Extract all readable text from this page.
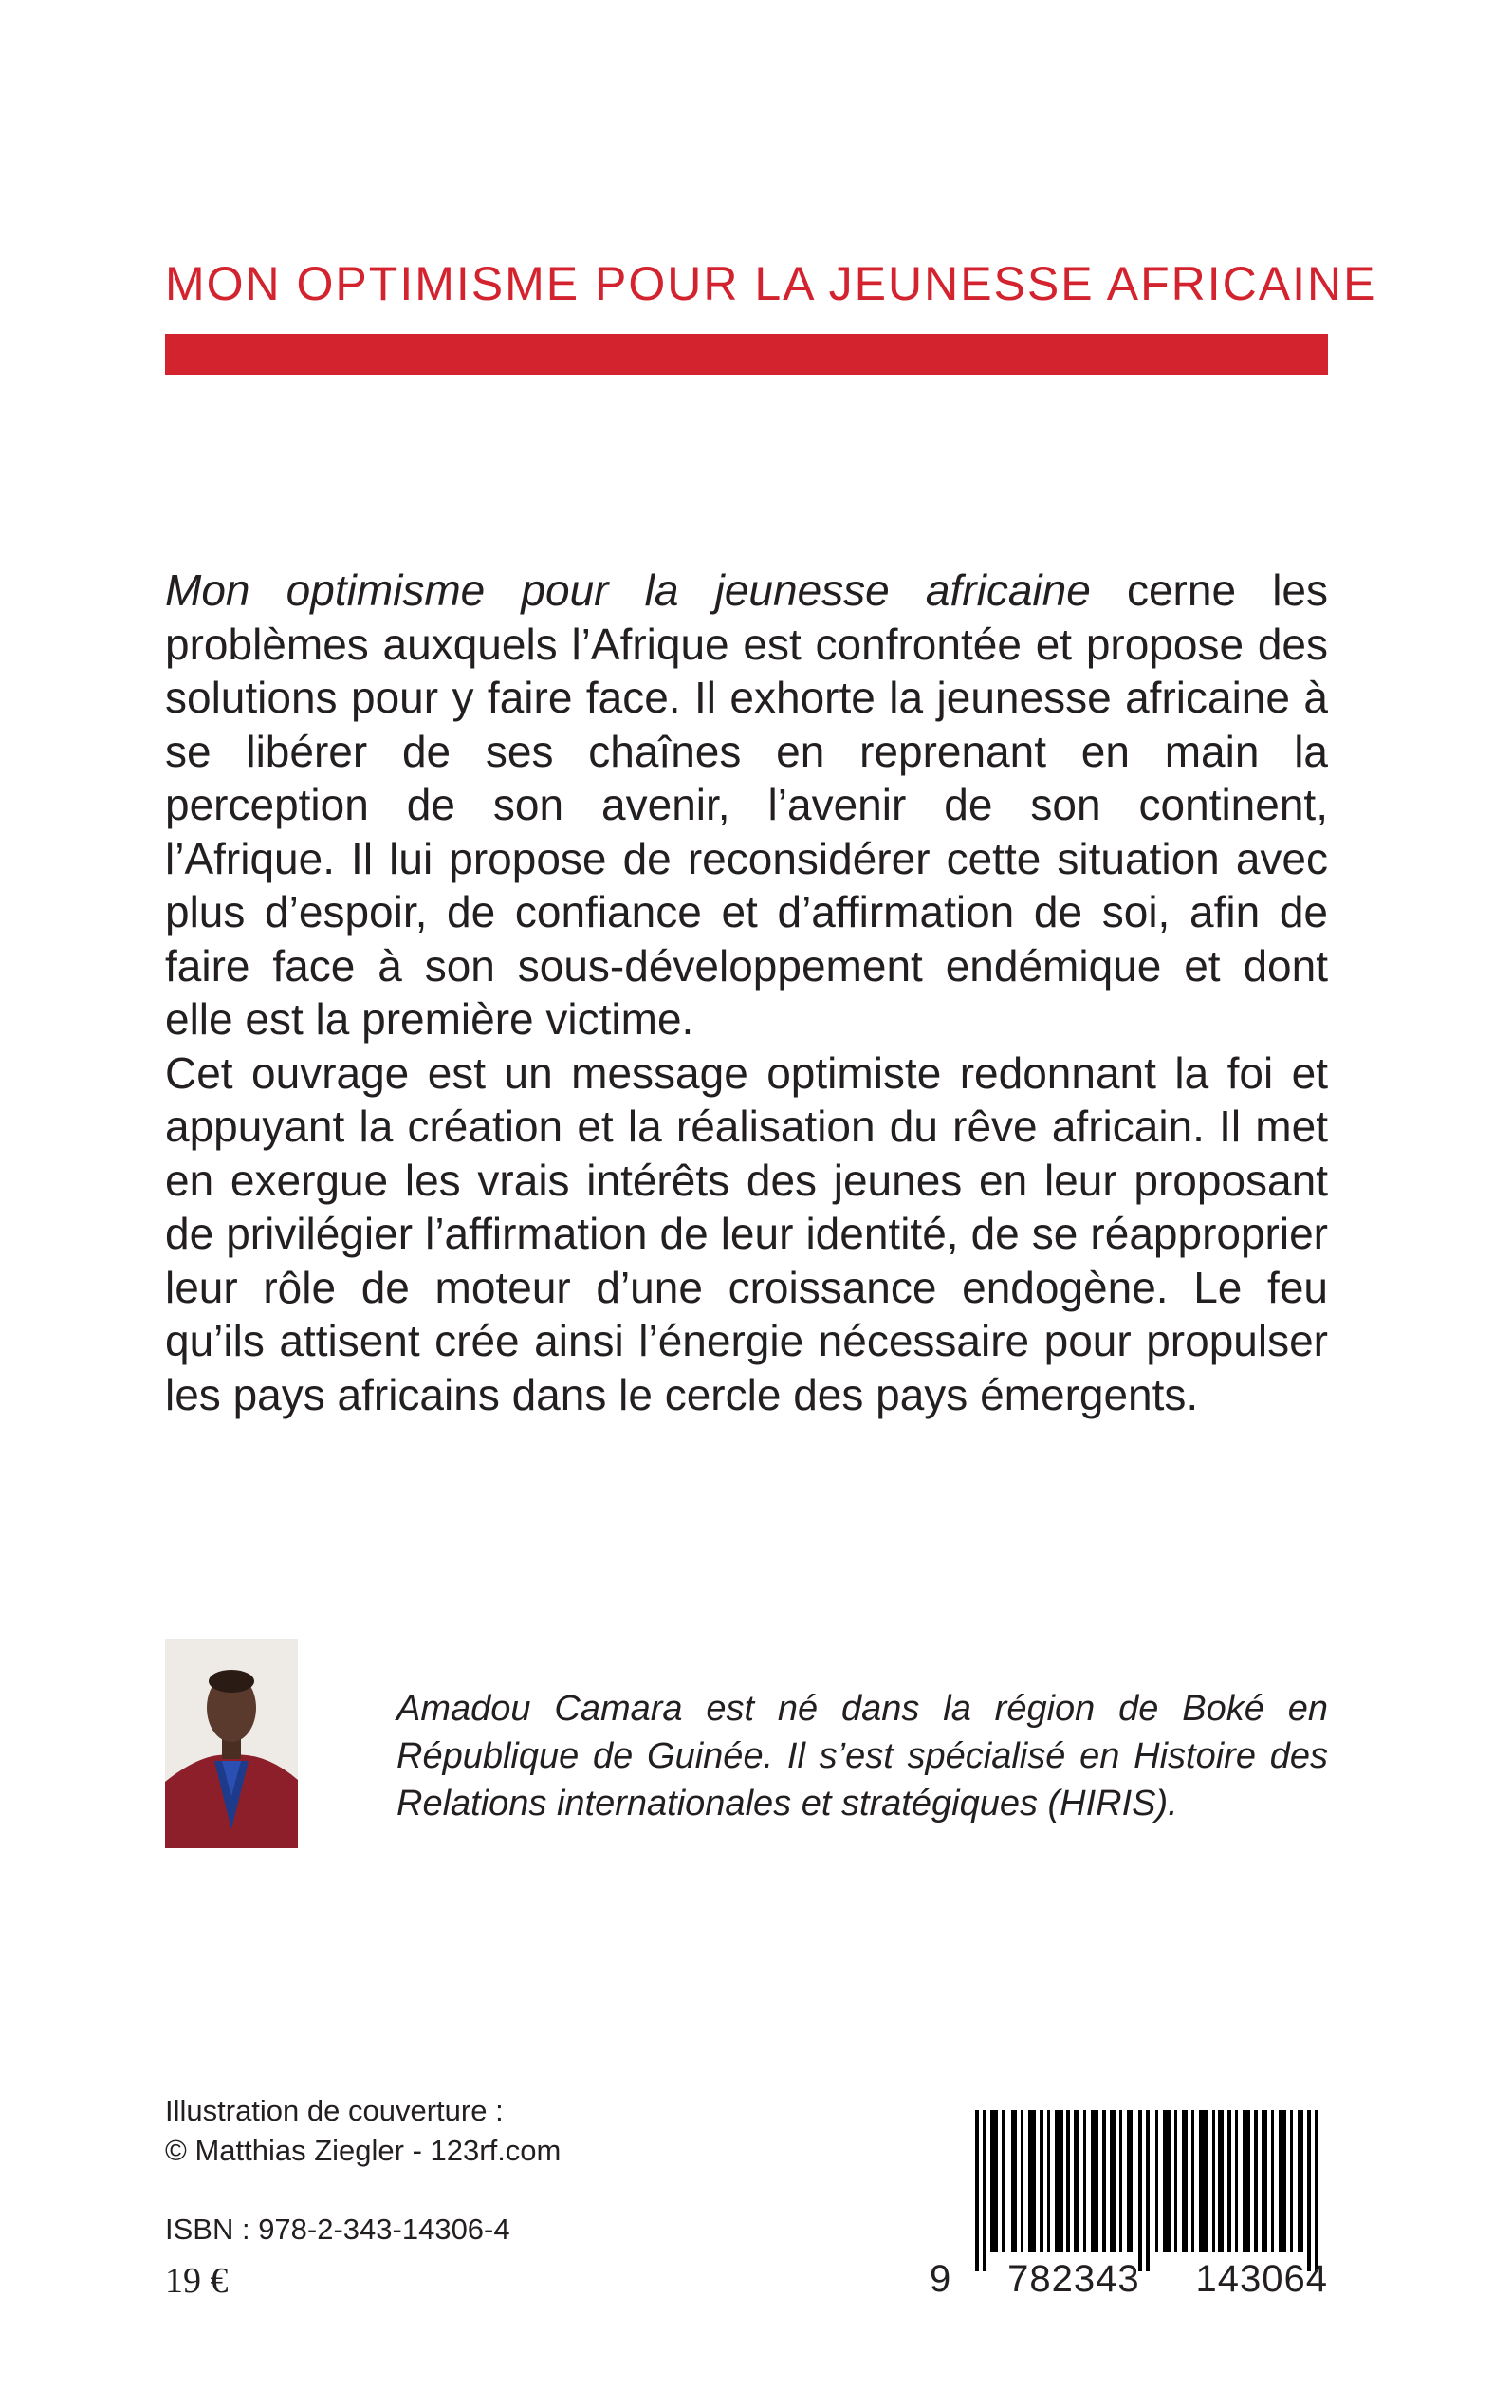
MON OPTIMISME POUR LA JEUNESSE AFRICAINE

Mon optimisme pour la jeunesse africaine cerne les problèmes auxquels l’Afrique est confrontée et propose des solutions pour y faire face. Il exhorte la jeunesse africaine à se libérer de ses chaînes en reprenant en main la perception de son avenir, l’avenir de son continent, l’Afrique. Il lui propose de reconsidérer cette situation avec plus d’espoir, de confiance et d’affirmation de soi, afin de faire face à son sous-développement endémique et dont elle est la première victime.

Cet ouvrage est un message optimiste redonnant la foi et appuyant la création et la réalisation du rêve africain. Il met en exergue les vrais intérêts des jeunes en leur proposant de privilégier l’affirmation de leur identité, de se réapproprier leur rôle de moteur d’une croissance endogène. Le feu qu’ils attisent crée ainsi l’énergie nécessaire pour propulser les pays africains dans le cercle des pays émergents.

Amadou Camara est né dans la région de Boké en République de Guinée. Il s’est spécialisé en Histoire des Relations internationales et stratégiques (HIRIS).

Illustration de couverture :
© Matthias Ziegler - 123rf.com
ISBN : 978-2-343-14306-4
19 €	9 782343 143064
